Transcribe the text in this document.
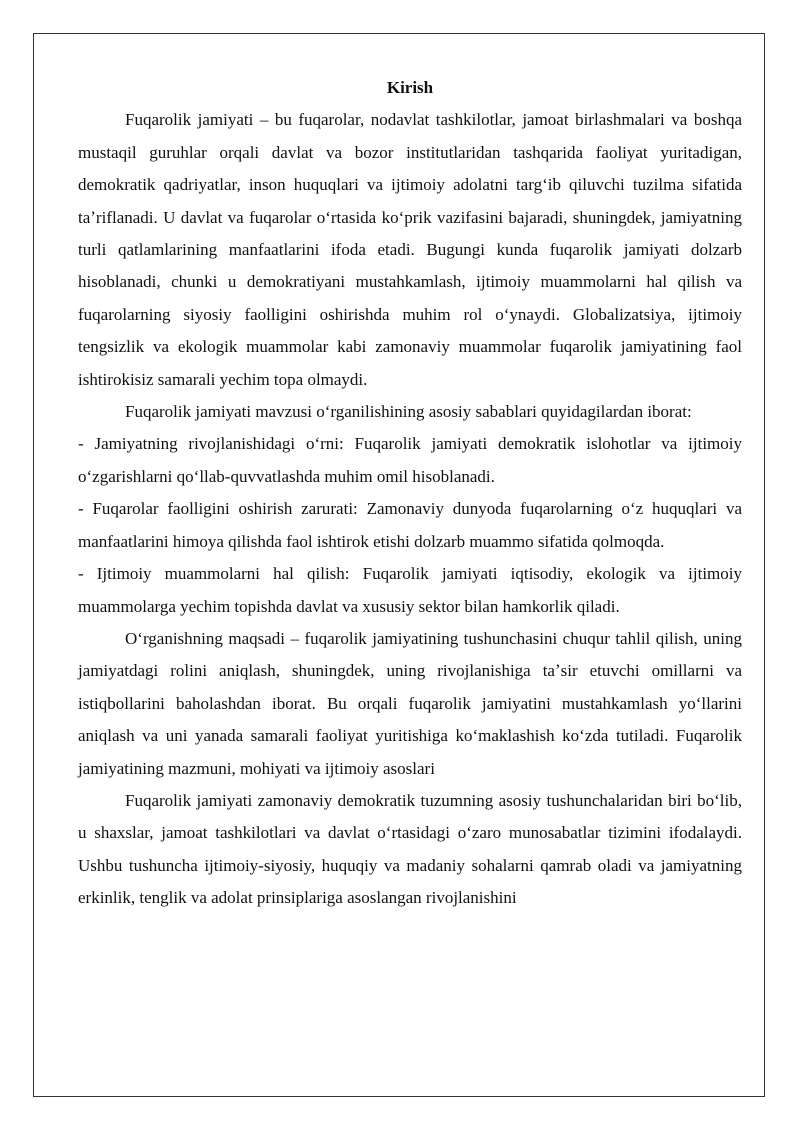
Kirish

Fuqarolik jamiyati – bu fuqarolar, nodavlat tashkilotlar, jamoat birlashmalari va boshqa mustaqil guruhlar orqali davlat va bozor institutlaridan tashqarida faoliyat yuritadigan, demokratik qadriyatlar, inson huquqlari va ijtimoiy adolatni targʻib qiluvchi tuzilma sifatida taʼriflanadi. U davlat va fuqarolar oʻrtasida koʻprik vazifasini bajaradi, shuningdek, jamiyatning turli qatlamlarining manfaatlarini ifoda etadi. Bugungi kunda fuqarolik jamiyati dolzarb hisoblanadi, chunki u demokratiyani mustahkamlash, ijtimoiy muammolarni hal qilish va fuqarolarning siyosiy faolligini oshirishda muhim rol oʻynaydi. Globalizatsiya, ijtimoiy tengsizlik va ekologik muammolar kabi zamonaviy muammolar fuqarolik jamiyatining faol ishtirokisiz samarali yechim topa olmaydi.

Fuqarolik jamiyati mavzusi oʻrganilishining asosiy sabablari quyidagilardan iborat:

- Jamiyatning rivojlanishidagi oʻrni: Fuqarolik jamiyati demokratik islohotlar va ijtimoiy oʻzgarishlarni qoʻllab-quvvatlashda muhim omil hisoblanadi.

- Fuqarolar faolligini oshirish zarurati: Zamonaviy dunyoda fuqarolarning oʻz huquqlari va manfaatlarini himoya qilishda faol ishtirok etishi dolzarb muammo sifatida qolmoqda.

- Ijtimoiy muammolarni hal qilish: Fuqarolik jamiyati iqtisodiy, ekologik va ijtimoiy muammolarga yechim topishda davlat va xususiy sektor bilan hamkorlik qiladi.

Oʻrganishning maqsadi – fuqarolik jamiyatining tushunchasini chuqur tahlil qilish, uning jamiyatdagi rolini aniqlash, shuningdek, uning rivojlanishiga taʼsir etuvchi omillarni va istiqbollarini baholashdan iborat. Bu orqali fuqarolik jamiyatini mustahkamlash yoʻllarini aniqlash va uni yanada samarali faoliyat yuritishiga koʻmaklashish koʻzda tutiladi. Fuqarolik jamiyatining mazmuni, mohiyati va ijtimoiy asoslari

Fuqarolik jamiyati zamonaviy demokratik tuzumning asosiy tushunchalaridan biri boʻlib, u shaxslar, jamoat tashkilotlari va davlat oʻrtasidagi oʻzaro munosabatlar tizimini ifodalaydi. Ushbu tushuncha ijtimoiy-siyosiy, huquqiy va madaniy sohalarni qamrab oladi va jamiyatning erkinlik, tenglik va adolat prinsiplariga asoslangan rivojlanishini
